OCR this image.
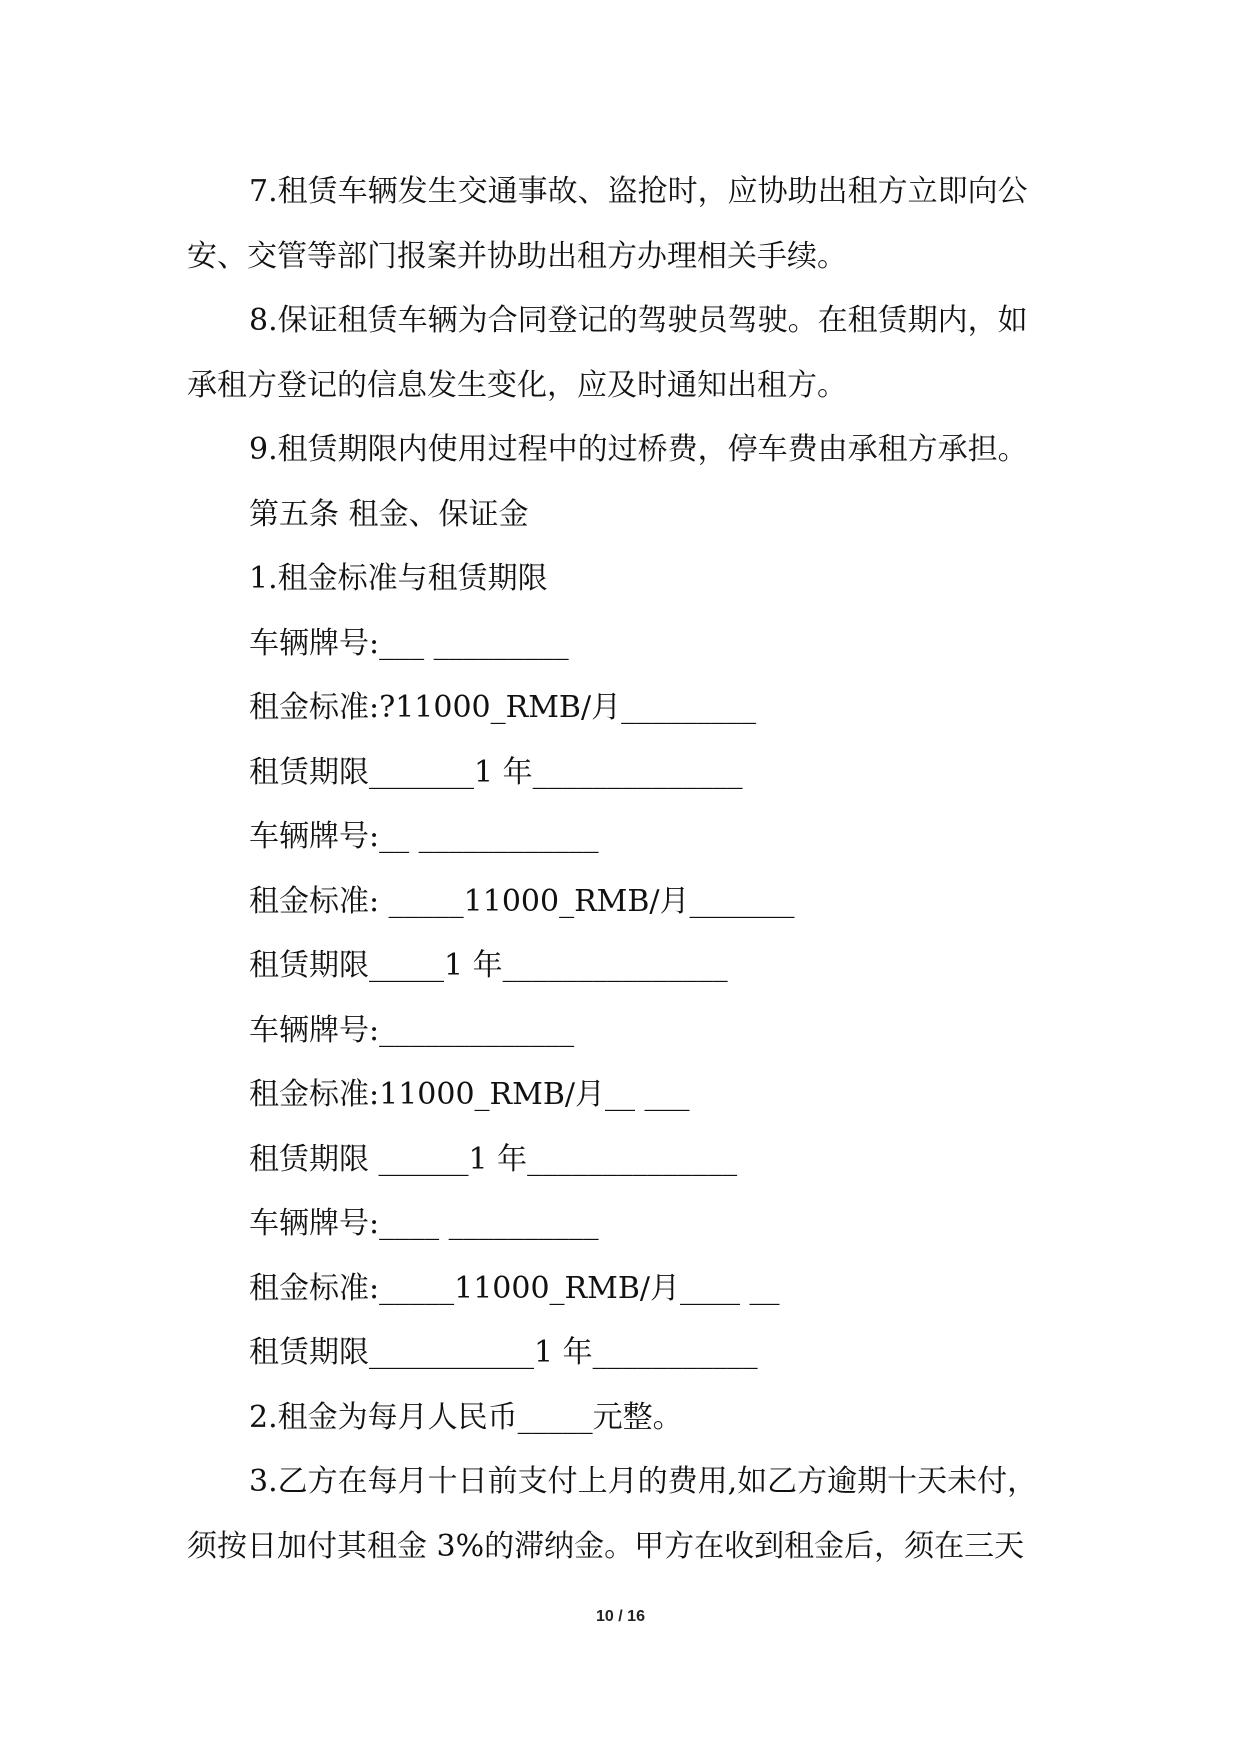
7.租赁车辆发生交通事故、盗抢时，应协助出租方立即向公安、交管等部门报案并协助出租方办理相关手续。

8.保证租赁车辆为合同登记的驾驶员驾驶。在租赁期内，如承租方登记的信息发生变化，应及时通知出租方。

9.租赁期限内使用过程中的过桥费，停车费由承租方承担。

第五条 租金、保证金

1.租金标准与租赁期限

车辆牌号:___ _________

租金标准:?11000_RMB/月_________

租赁期限_______1 年______________

车辆牌号:__ ____________

租金标准: _____11000_RMB/月_______

租赁期限_____1 年_______________

车辆牌号:_____________

租金标准:11000_RMB/月__ ___

租赁期限 ______1 年______________

车辆牌号:____ __________

租金标准:_____11000_RMB/月____ __

租赁期限___________1 年___________

2.租金为每月人民币_____元整。

3.乙方在每月十日前支付上月的费用,如乙方逾期十天未付，须按日加付其租金 3%的滞纳金。甲方在收到租金后，须在三天

10 / 16
